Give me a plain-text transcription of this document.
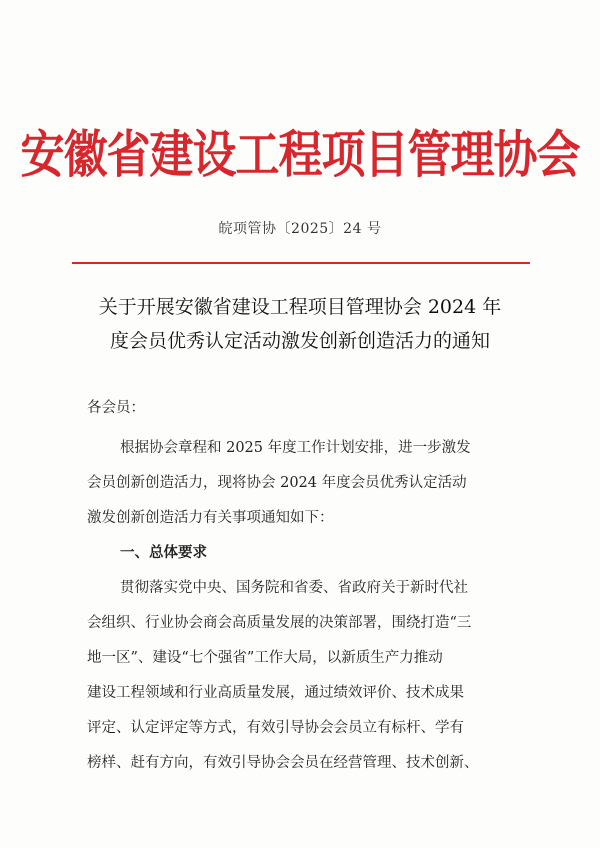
安徽省建设工程项目管理协会
皖项管协〔2025〕24 号
关于开展安徽省建设工程项目管理协会 2024 年
度会员优秀认定活动激发创新创造活力的通知
各会员：
根据协会章程和 2025 年度工作计划安排，进一步激发
会员创新创造活力，现将协会 2024 年度会员优秀认定活动
激发创新创造活力有关事项通知如下：
一、总体要求
贯彻落实党中央、国务院和省委、省政府关于新时代社
会组织、行业协会商会高质量发展的决策部署，围绕打造“三
地一区”、建设“七个强省”工作大局，以新质生产力推动
建设工程领域和行业高质量发展，通过绩效评价、技术成果
评定、认定评定等方式，有效引导协会会员立有标杆、学有
榜样、赶有方向，有效引导协会会员在经营管理、技术创新、
